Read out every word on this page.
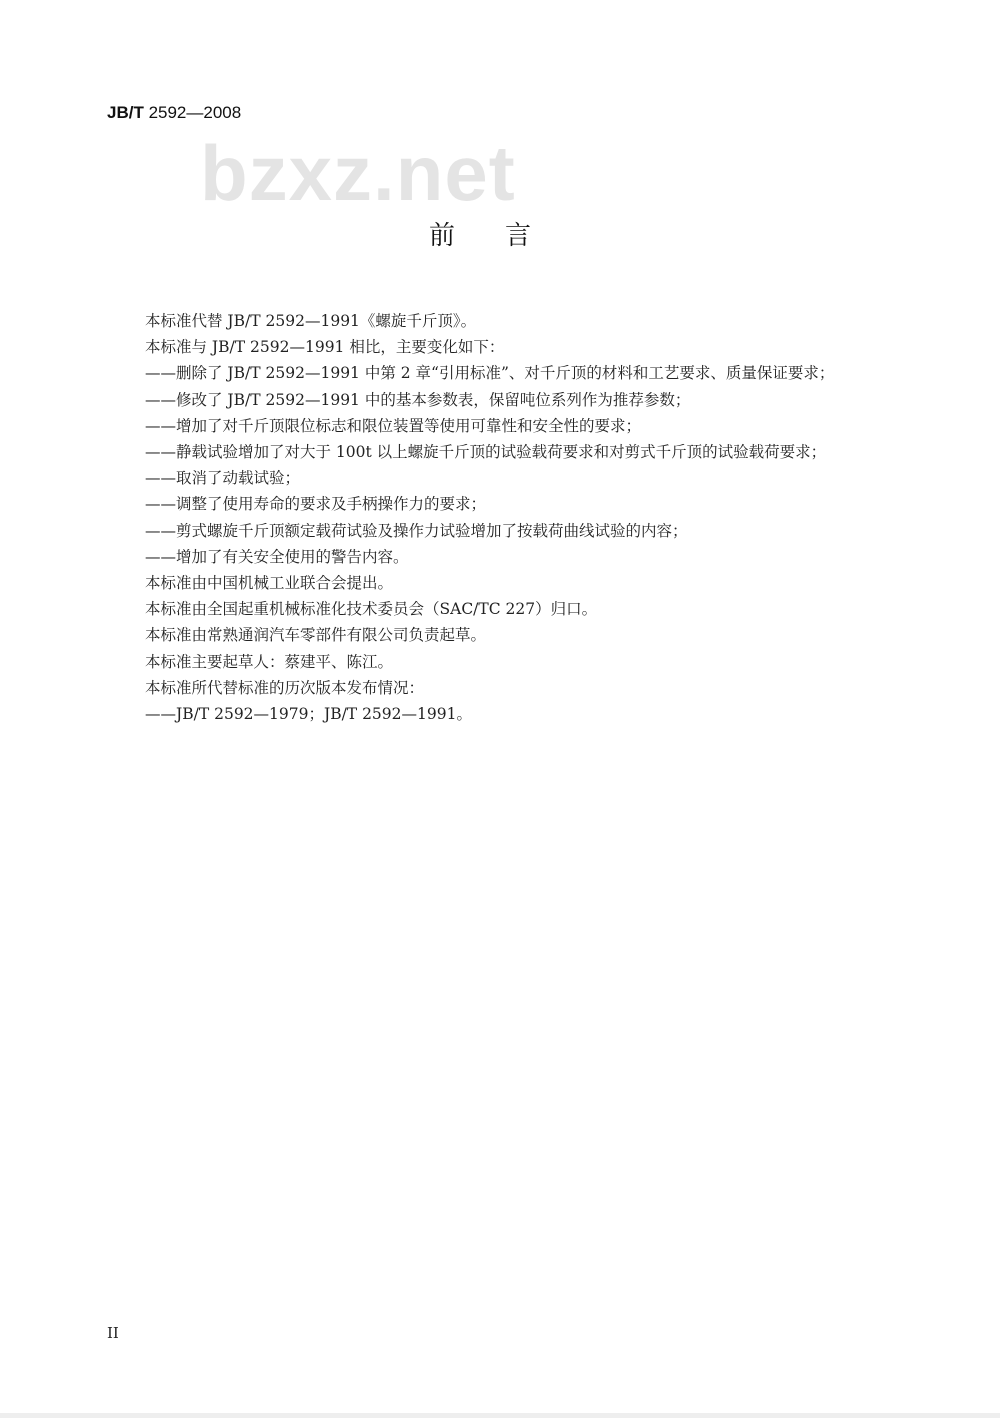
JB/T 2592—2008
bzxz.net
前言
本标准代替 JB/T 2592—1991《螺旋千斤顶》。
本标准与 JB/T 2592—1991 相比，主要变化如下：
——删除了 JB/T 2592—1991 中第 2 章“引用标准”、对千斤顶的材料和工艺要求、质量保证要求；
——修改了 JB/T 2592—1991 中的基本参数表，保留吨位系列作为推荐参数；
——增加了对千斤顶限位标志和限位装置等使用可靠性和安全性的要求；
——静载试验增加了对大于 100t 以上螺旋千斤顶的试验载荷要求和对剪式千斤顶的试验载荷要求；
——取消了动载试验；
——调整了使用寿命的要求及手柄操作力的要求；
——剪式螺旋千斤顶额定载荷试验及操作力试验增加了按载荷曲线试验的内容；
——增加了有关安全使用的警告内容。
本标准由中国机械工业联合会提出。
本标准由全国起重机械标准化技术委员会（SAC/TC 227）归口。
本标准由常熟通润汽车零部件有限公司负责起草。
本标准主要起草人：蔡建平、陈江。
本标准所代替标准的历次版本发布情况：
——JB/T 2592—1979；JB/T 2592—1991。
II
